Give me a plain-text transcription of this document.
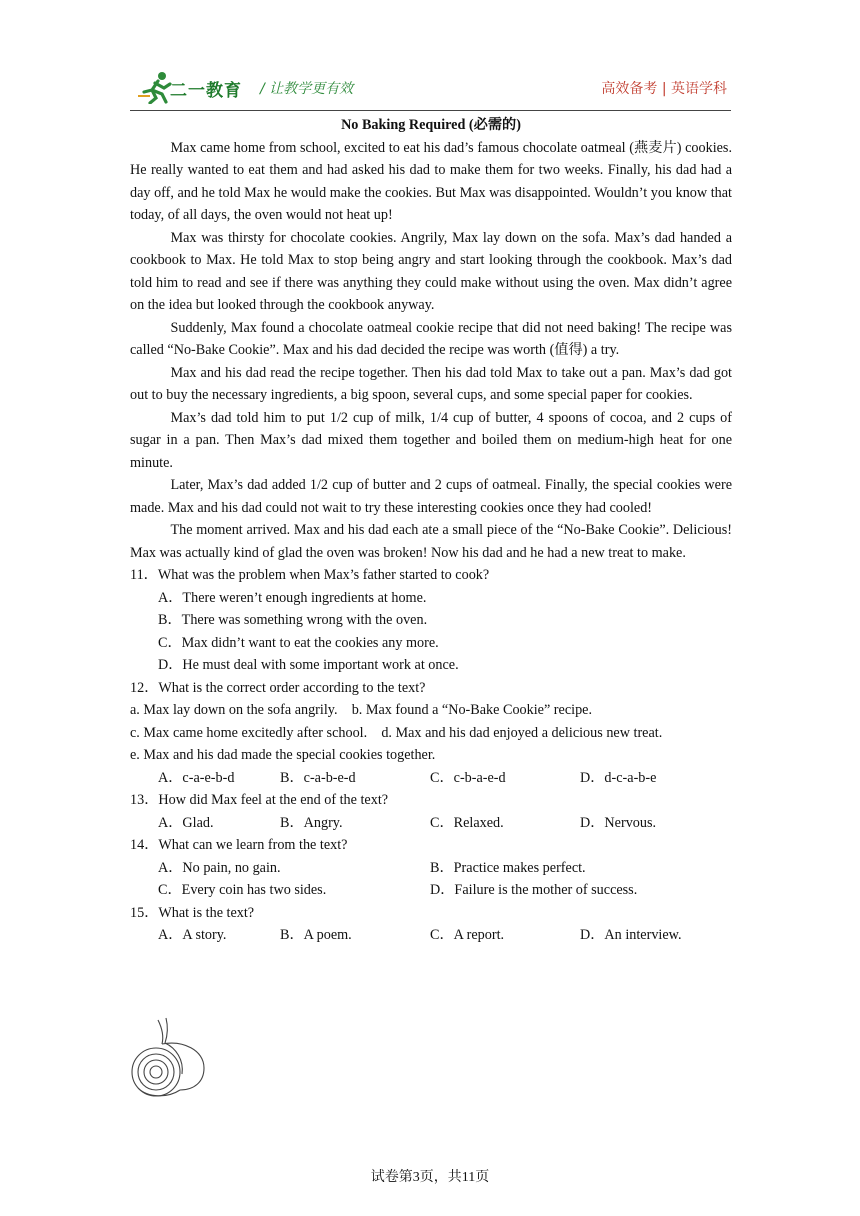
二一教育 / 让教学更有效	高效备考 | 英语学科

No Baking Required (必需的)

Max came home from school, excited to eat his dad’s famous chocolate oatmeal (燕麦片) cookies. He really wanted to eat them and had asked his dad to make them for two weeks. Finally, his dad had a day off, and he told Max he would make the cookies. But Max was disappointed. Wouldn’t you know that today, of all days, the oven would not heat up!

Max was thirsty for chocolate cookies. Angrily, Max lay down on the sofa. Max’s dad handed a cookbook to Max. He told Max to stop being angry and start looking through the cookbook. Max’s dad told him to read and see if there was anything they could make without using the oven. Max didn’t agree on the idea but looked through the cookbook anyway.

Suddenly, Max found a chocolate oatmeal cookie recipe that did not need baking! The recipe was called “No-Bake Cookie”. Max and his dad decided the recipe was worth (值得) a try.

Max and his dad read the recipe together. Then his dad told Max to take out a pan. Max’s dad got out to buy the necessary ingredients, a big spoon, several cups, and some special paper for cookies.

Max’s dad told him to put 1/2 cup of milk, 1/4 cup of butter, 4 spoons of cocoa, and 2 cups of sugar in a pan. Then Max’s dad mixed them together and boiled them on medium-high heat for one minute.

Later, Max’s dad added 1/2 cup of butter and 2 cups of oatmeal. Finally, the special cookies were made. Max and his dad could not wait to try these interesting cookies once they had cooled!

The moment arrived. Max and his dad each ate a small piece of the “No-Bake Cookie”. Delicious! Max was actually kind of glad the oven was broken! Now his dad and he had a new treat to make.

11．What was the problem when Max’s father started to cook?

A．There weren’t enough ingredients at home.

B．There was something wrong with the oven.

C．Max didn’t want to eat the cookies any more.

D．He must deal with some important work at once.

12．What is the correct order according to the text?

a. Max lay down on the sofa angrily.    b. Max found a “No-Bake Cookie” recipe.

c. Max came home excitedly after school.    d. Max and his dad enjoyed a delicious new treat.

e. Max and his dad made the special cookies together.

A．c-a-e-b-d	B．c-a-b-e-d	C．c-b-a-e-d	D．d-c-a-b-e

13．How did Max feel at the end of the text?

A．Glad.	B．Angry.	C．Relaxed.	D．Nervous.

14．What can we learn from the text?

A．No pain, no gain.	B．Practice makes perfect.
C．Every coin has two sides.	D．Failure is the mother of success.

15．What is the text?

A．A story.	B．A poem.	C．A report.	D．An interview.
试卷第3页，共11页
